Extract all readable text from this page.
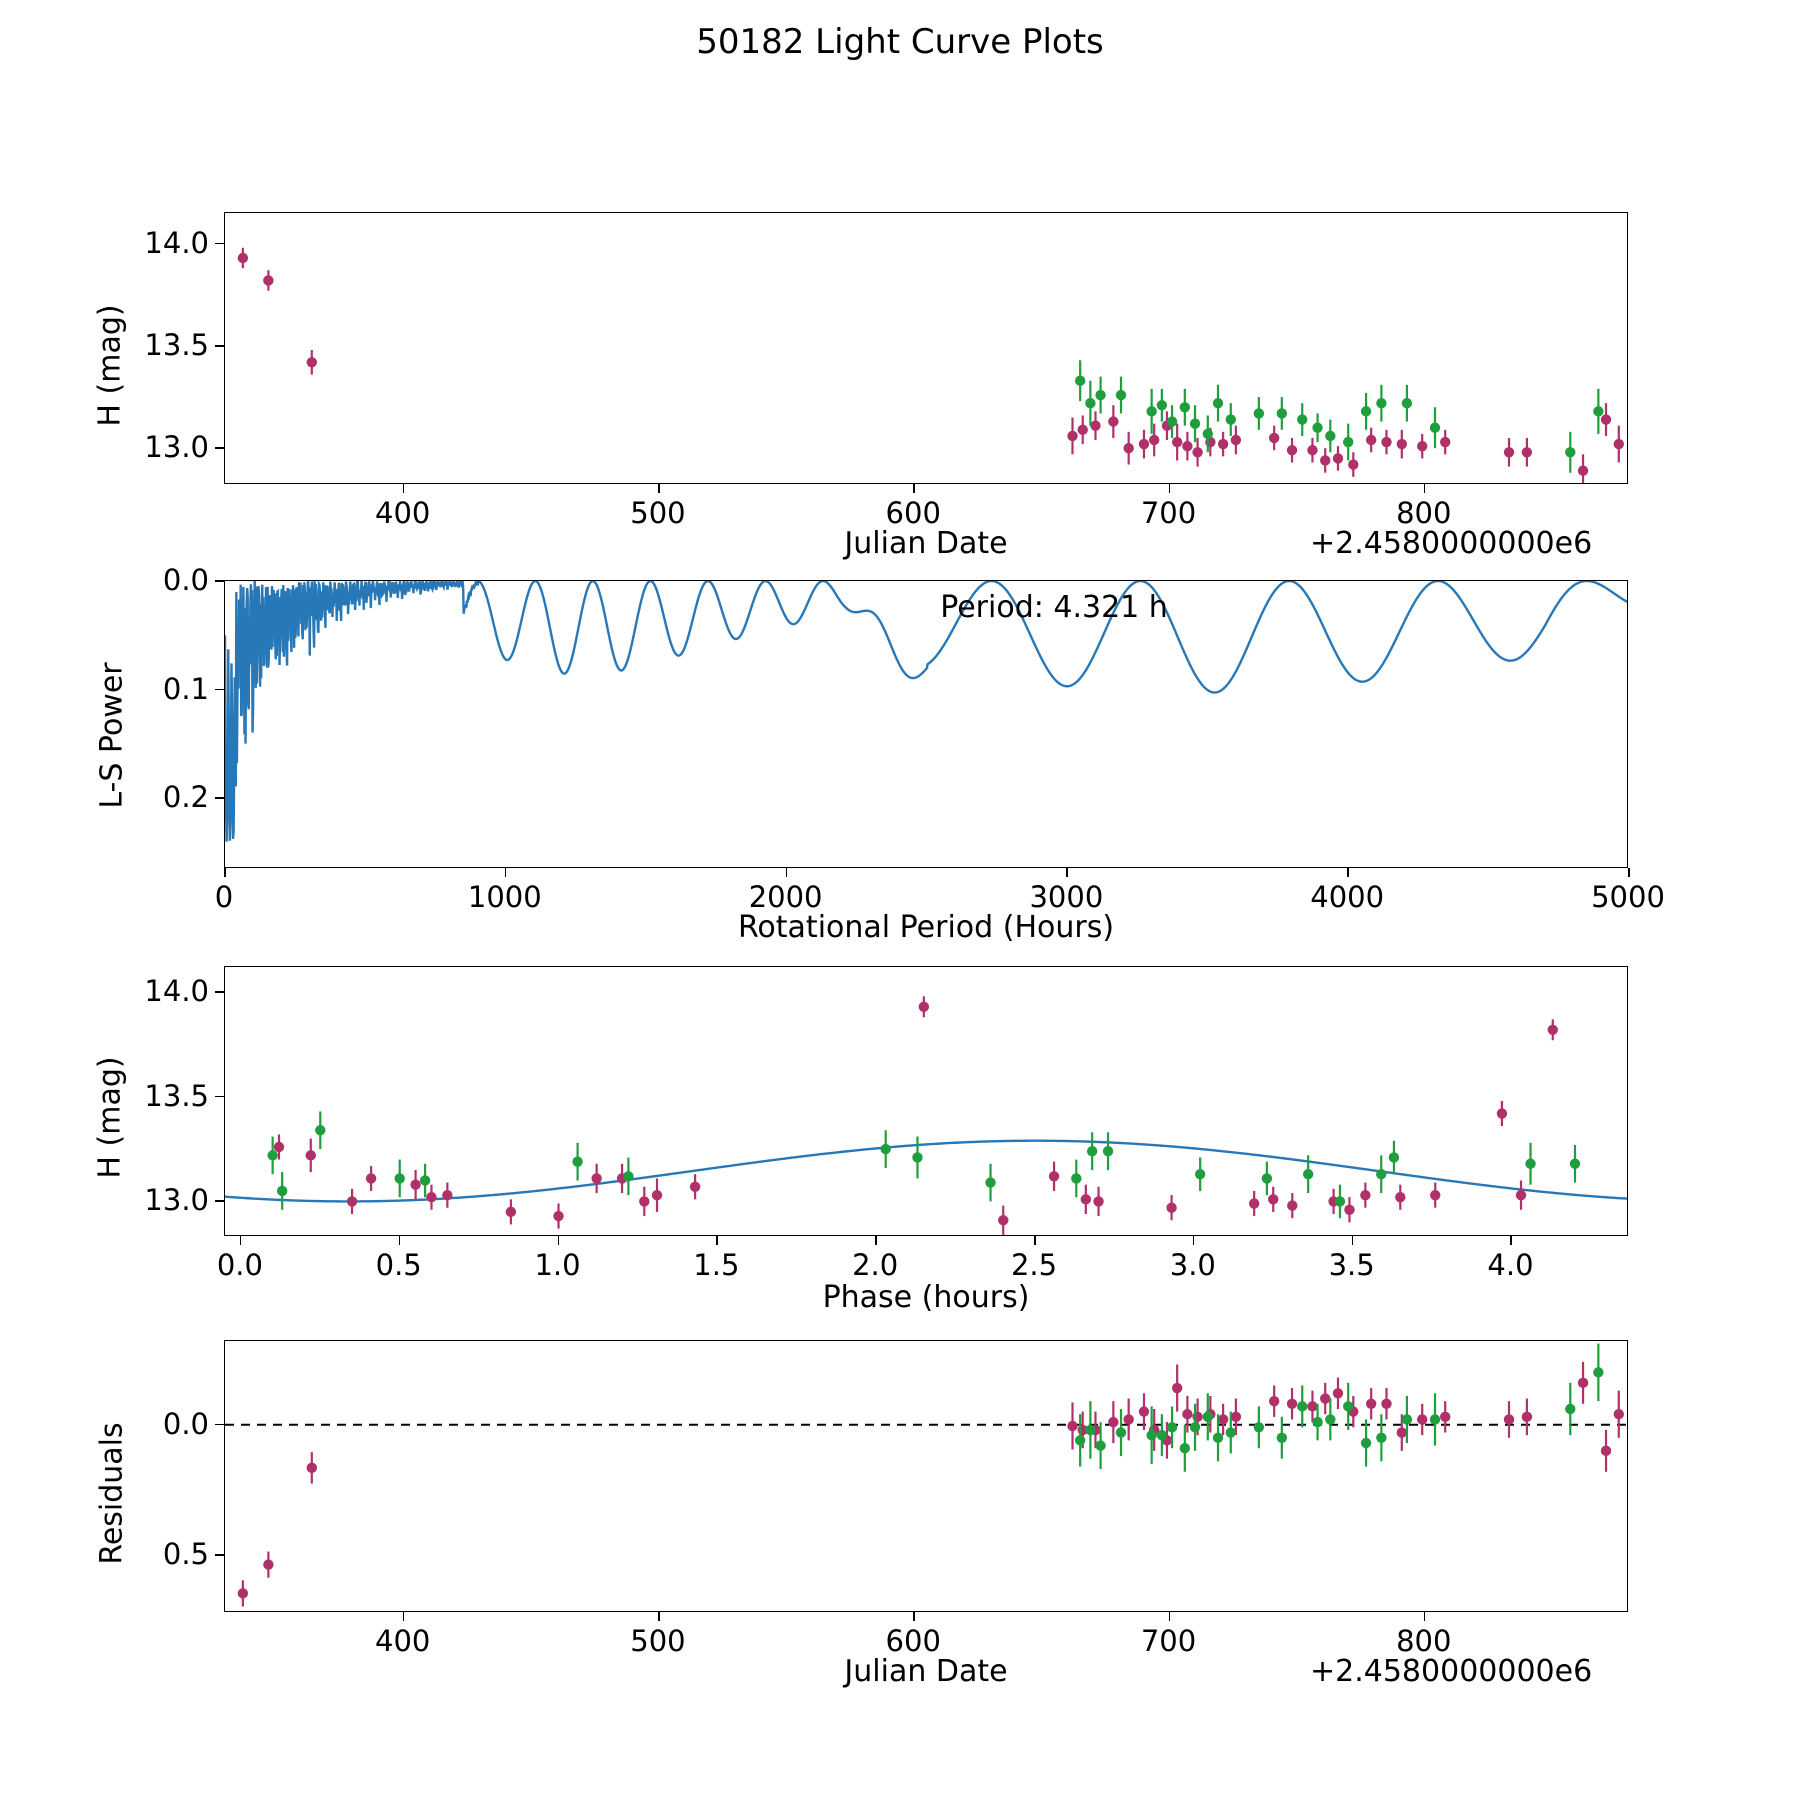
50182 Light Curve Plots
H (mag)
Julian Date	+2.4580000000e6
400	500	600	700	800
13.0
13.5
14.0
Period: 4.321 h
L-S Power
Rotational Period (Hours)
0	1000	2000	3000	4000	5000
0.0
0.1
0.2
H (mag)
Phase (hours)
0.0	0.5	1.0	1.5	2.0	2.5	3.0	3.5	4.0
13.0
13.5
14.0
Residuals
Julian Date	+2.4580000000e6
400	500	600	700	800
0.0
0.5
